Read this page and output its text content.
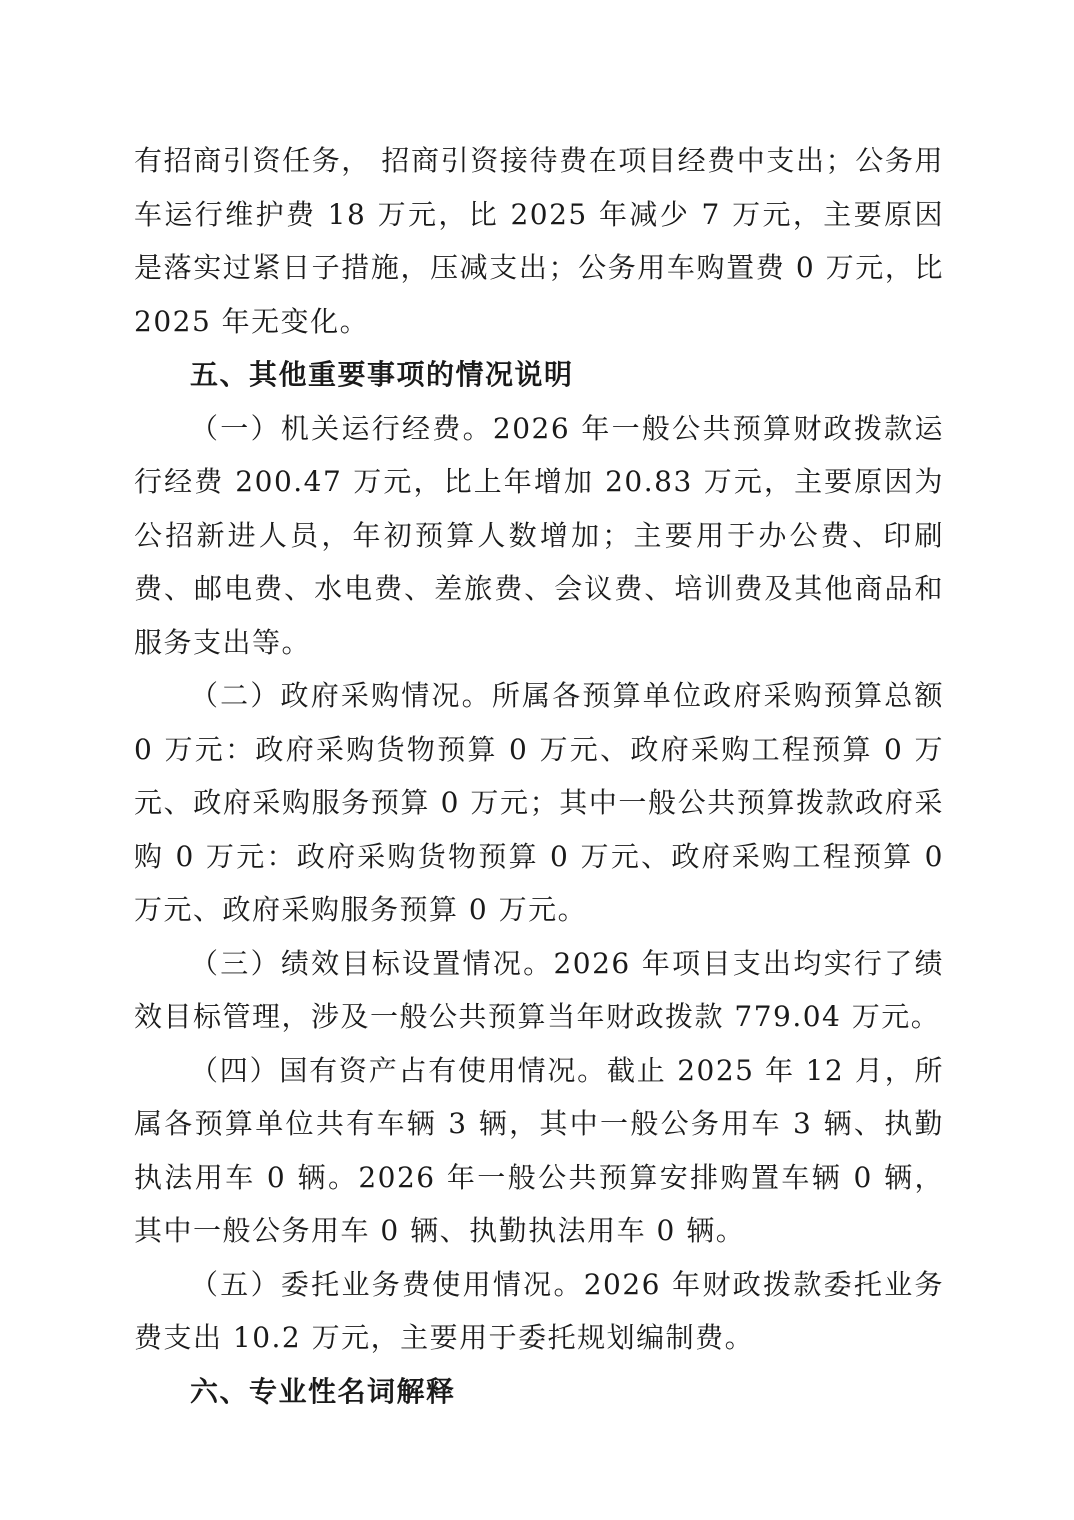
有招商引资任务， 招商引资接待费在项目经费中支出；公务用车运行维护费 18 万元，比 2025 年减少 7 万元，主要原因是落实过紧日子措施，压减支出；公务用车购置费 0 万元，比 2025 年无变化。

五、其他重要事项的情况说明

（一）机关运行经费。2026 年一般公共预算财政拨款运行经费 200.47 万元，比上年增加 20.83 万元，主要原因为公招新进人员，年初预算人数增加；主要用于办公费、印刷费、邮电费、水电费、差旅费、会议费、培训费及其他商品和服务支出等。

（二）政府采购情况。所属各预算单位政府采购预算总额 0 万元：政府采购货物预算 0 万元、政府采购工程预算 0 万元、政府采购服务预算 0 万元；其中一般公共预算拨款政府采购 0 万元：政府采购货物预算 0 万元、政府采购工程预算 0 万元、政府采购服务预算 0 万元。

（三）绩效目标设置情况。2026 年项目支出均实行了绩效目标管理，涉及一般公共预算当年财政拨款 779.04 万元。

（四）国有资产占有使用情况。截止 2025 年 12 月，所属各预算单位共有车辆 3 辆，其中一般公务用车 3 辆、执勤执法用车 0 辆。2026 年一般公共预算安排购置车辆 0 辆，其中一般公务用车 0 辆、执勤执法用车 0 辆。

（五）委托业务费使用情况。2026 年财政拨款委托业务费支出 10.2 万元，主要用于委托规划编制费。

六、专业性名词解释
